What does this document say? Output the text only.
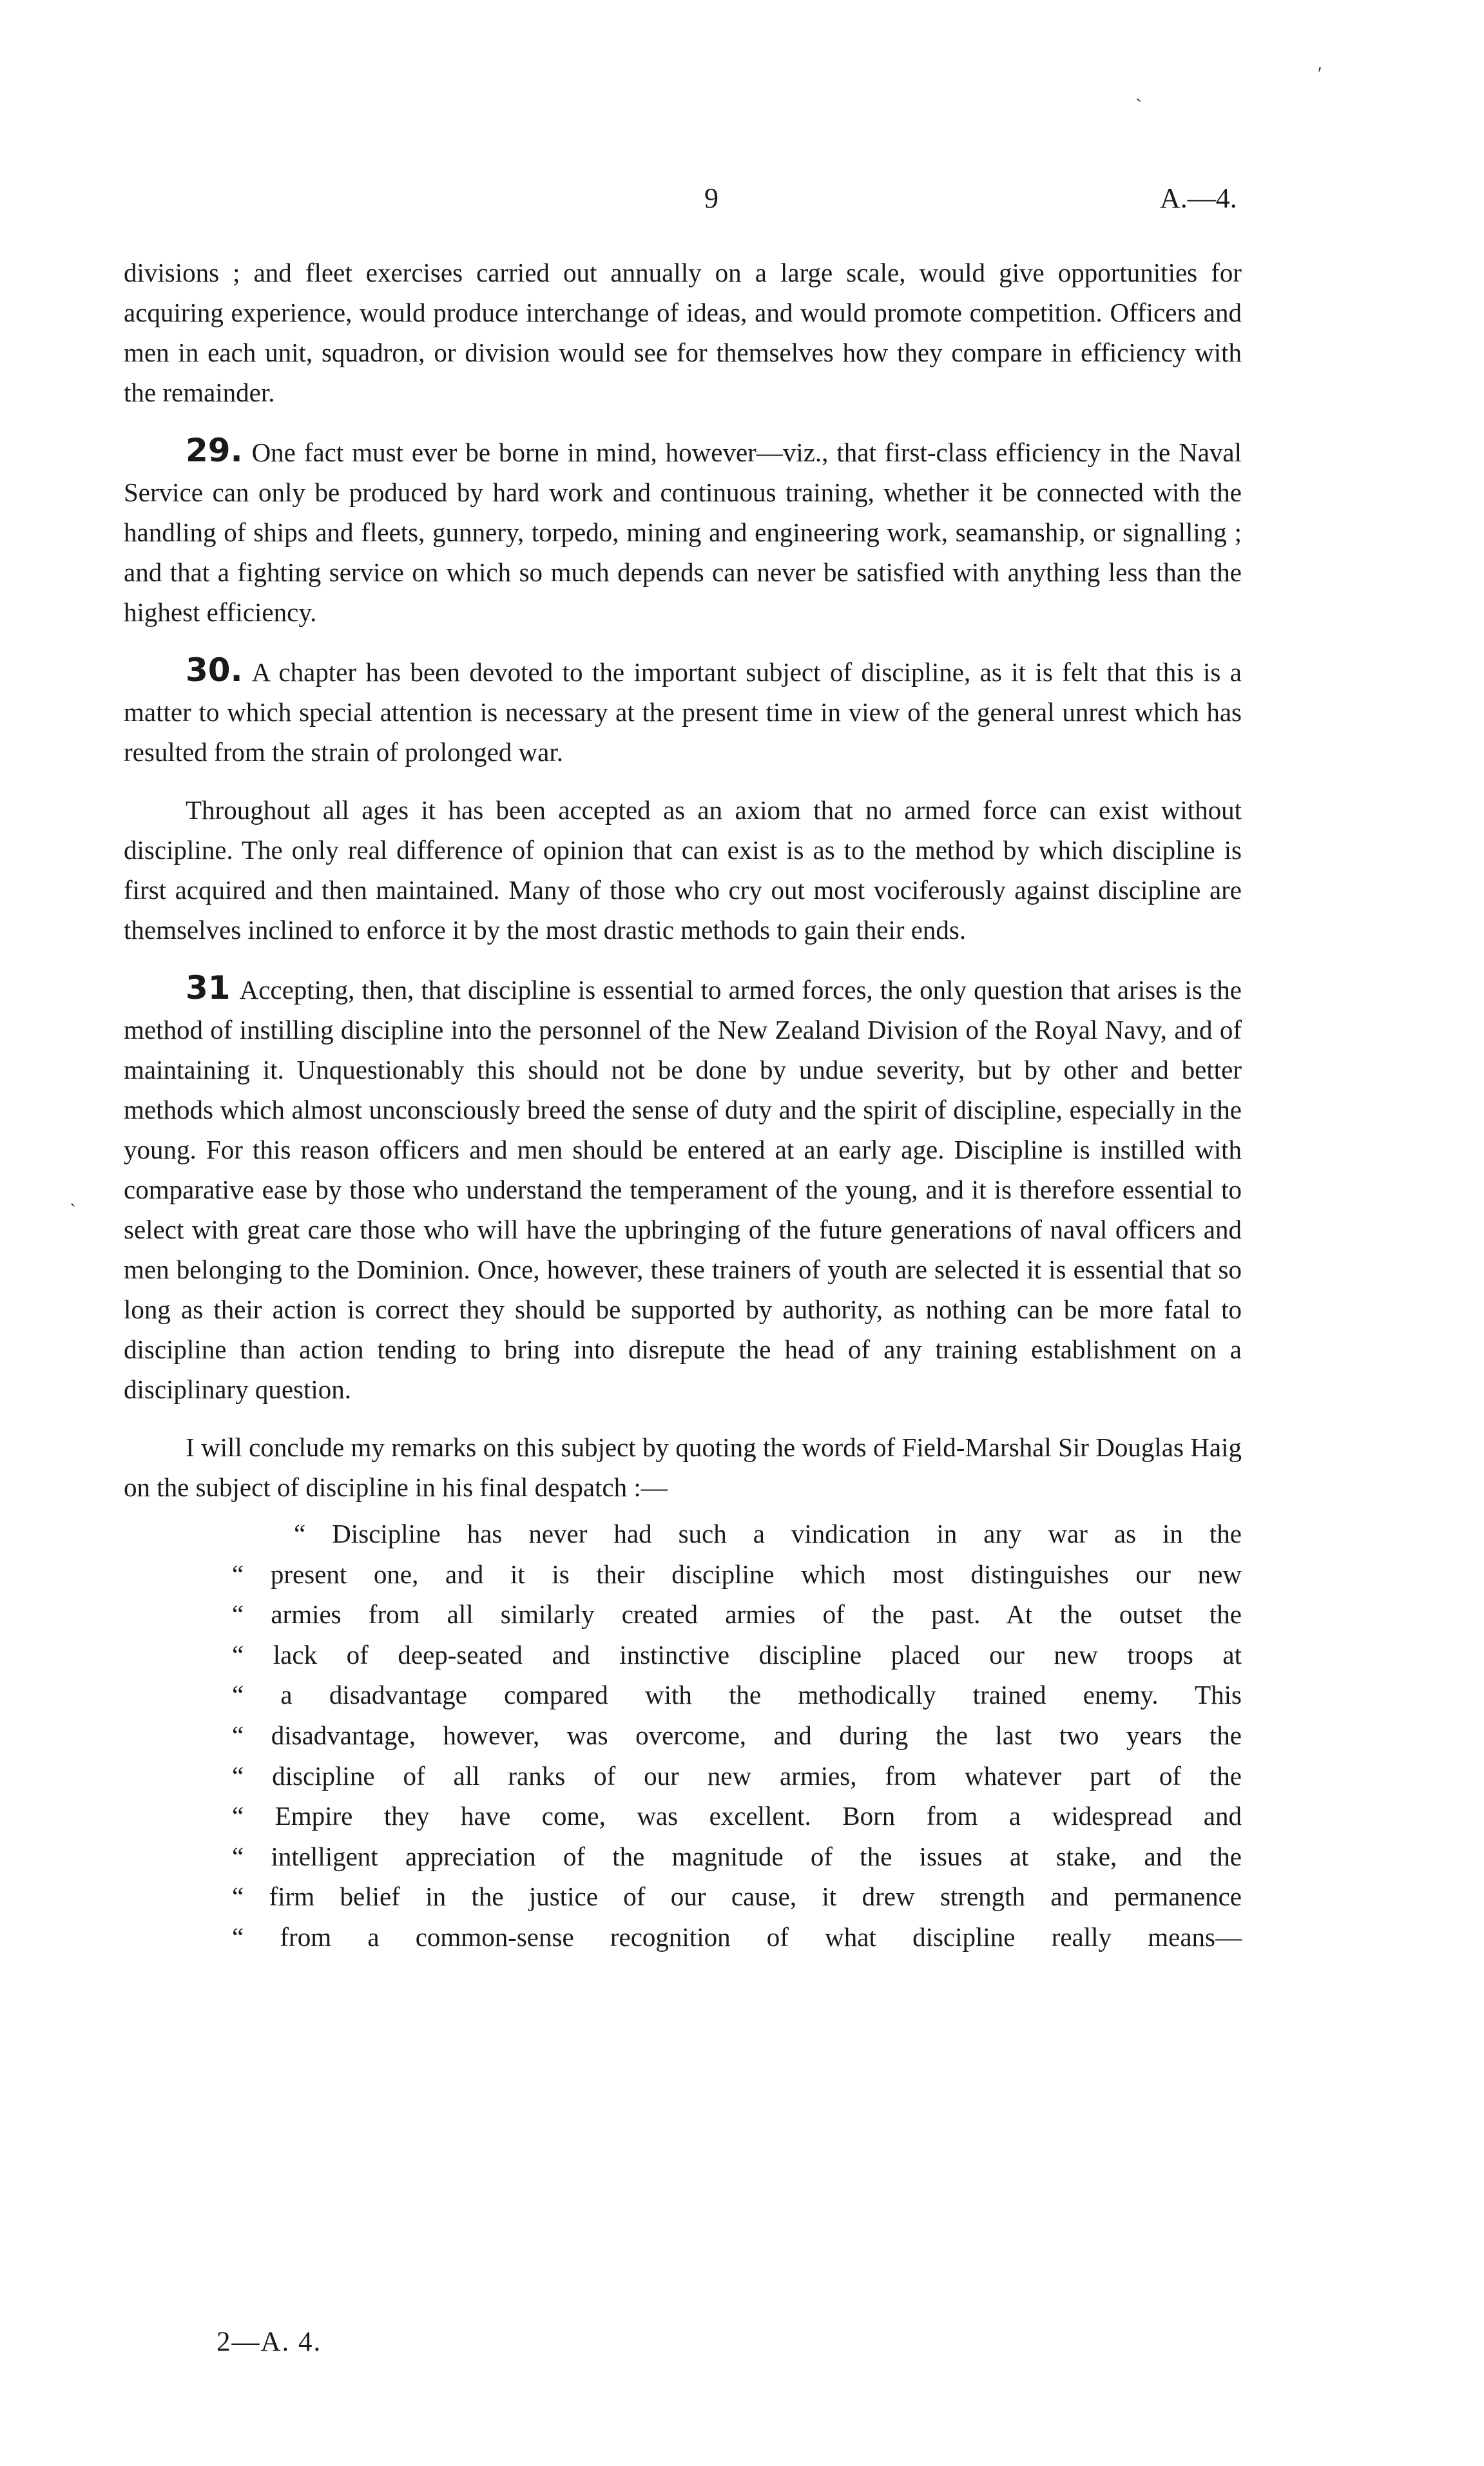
9	A.—4.
ʹ
`
ˏ

divisions ; and fleet exercises carried out annually on a large scale, would give opportunities for acquiring experience, would produce interchange of ideas, and would promote competition. Officers and men in each unit, squadron, or division would see for themselves how they compare in efficiency with the remainder.

29. One fact must ever be borne in mind, however—viz., that first-class efficiency in the Naval Service can only be produced by hard work and continuous training, whether it be connected with the handling of ships and fleets, gunnery, torpedo, mining and engineering work, seamanship, or signalling ; and that a fighting service on which so much depends can never be satisfied with anything less than the highest efficiency.

30. A chapter has been devoted to the important subject of discipline, as it is felt that this is a matter to which special attention is necessary at the present time in view of the general unrest which has resulted from the strain of prolonged war.

Throughout all ages it has been accepted as an axiom that no armed force can exist without discipline. The only real difference of opinion that can exist is as to the method by which discipline is first acquired and then maintained. Many of those who cry out most vociferously against discipline are themselves inclined to enforce it by the most drastic methods to gain their ends.

31 Accepting, then, that discipline is essential to armed forces, the only question that arises is the method of instilling discipline into the personnel of the New Zealand Division of the Royal Navy, and of maintaining it. Unquestionably this should not be done by undue severity, but by other and better methods which almost unconsciously breed the sense of duty and the spirit of discipline, especially in the young. For this reason officers and men should be entered at an early age. Discipline is instilled with comparative ease by those who understand the temperament of the young, and it is therefore essential to select with great care those who will have the upbringing of the future generations of naval officers and men belonging to the Dominion. Once, however, these trainers of youth are selected it is essential that so long as their action is correct they should be supported by authority, as nothing can be more fatal to discipline than action tending to bring into disrepute the head of any training establishment on a disciplinary question.

I will conclude my remarks on this subject by quoting the words of Field-Marshal Sir Douglas Haig on the subject of discipline in his final despatch :—

“ Discipline has never had such a vindication in any war as in the
“ present one, and it is their discipline which most distinguishes our new
“ armies from all similarly created armies of the past. At the outset the
“ lack of deep-seated and instinctive discipline placed our new troops at
“ a disadvantage compared with the methodically trained enemy. This
“ disadvantage, however, was overcome, and during the last two years the
“ discipline of all ranks of our new armies, from whatever part of the
“ Empire they have come, was excellent. Born from a widespread and
“ intelligent appreciation of the magnitude of the issues at stake, and the
“ firm belief in the justice of our cause, it drew strength and permanence
“ from a common-sense recognition of what discipline really means—
2—A. 4.
